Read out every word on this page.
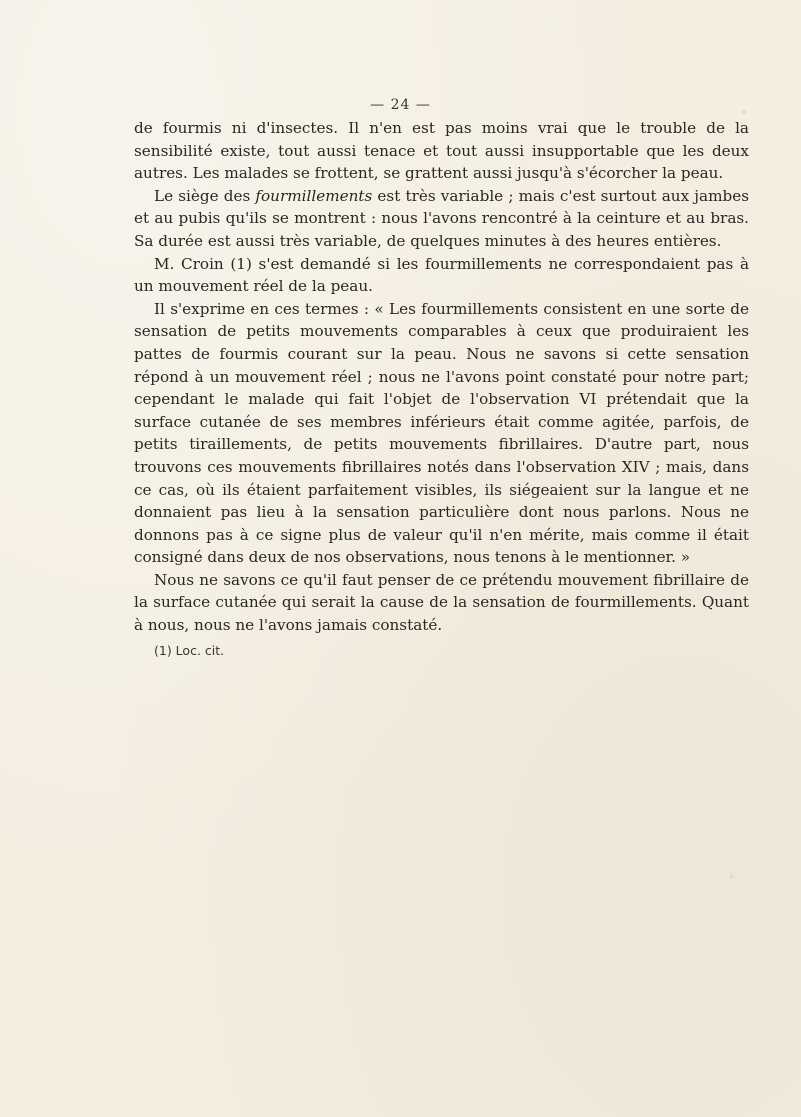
— 24 —

de fourmis ni d'insectes. Il n'en est pas moins vrai que le trouble de la sensibilité existe, tout aussi tenace et tout aussi insupportable que les deux autres. Les malades se frottent, se grattent aussi jusqu'à s'écorcher la peau.

Le siège des fourmillements est très variable ; mais c'est surtout aux jambes et au pubis qu'ils se montrent : nous l'avons rencontré à la ceinture et au bras. Sa durée est aussi très variable, de quelques minutes à des heures entières.

M. Croin (1) s'est demandé si les fourmillements ne correspondaient pas à un mouvement réel de la peau.

Il s'exprime en ces termes : « Les fourmillements consistent en une sorte de sensation de petits mouvements comparables à ceux que produiraient les pattes de fourmis courant sur la peau. Nous ne savons si cette sensation répond à un mouvement réel ; nous ne l'avons point constaté pour notre part; cependant le malade qui fait l'objet de l'observation VI prétendait que la surface cutanée de ses membres inférieurs était comme agitée, parfois, de petits tiraillements, de petits mouvements fibrillaires. D'autre part, nous trouvons ces mouvements fibrillaires notés dans l'observation XIV ; mais, dans ce cas, où ils étaient parfaitement visibles, ils siégeaient sur la langue et ne donnaient pas lieu à la sensation particulière dont nous parlons. Nous ne donnons pas à ce signe plus de valeur qu'il n'en mérite, mais comme il était consigné dans deux de nos observations, nous tenons à le mentionner. »

Nous ne savons ce qu'il faut penser de ce prétendu mouvement fibrillaire de la surface cutanée qui serait la cause de la sensation de fourmillements. Quant à nous, nous ne l'avons jamais constaté.

(1) Loc. cit.
